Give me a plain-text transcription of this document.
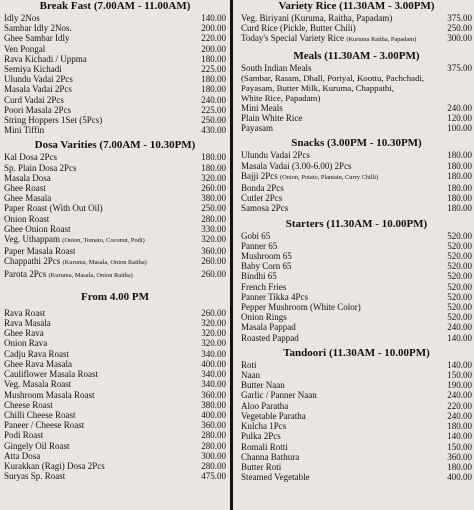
Break Fast (7.00AM - 11.00AM)
Idly 2Nos	140.00
Sambar Idly 2Nos.	200.00
Ghee Sambar Idly	220.00
Ven Pongal	200.00
Rava Kichadi / Uppma	180.00
Semiya Kichadi	225.00
Ulundu Vadai 2Pcs	180.00
Masala Vadai 2Pcs	180.00
Curd Vadai 2Pcs	240.00
Poori Masala 2Pcs	225.00
String Hoppers 1Set (5Pcs)	250.00
Mini Tiffin	430.00
Dosa Varities (7.00AM - 10.30PM)
Kal Dosa 2Pcs	180.00
Sp. Plain Dosa 2Pcs	180.00
Masala Dosa	320.00
Ghee Roast	260.00
Ghee Masala	380.00
Paper Roast (With Out Oil)	250.00
Onion Roast	280.00
Ghee Onion Roast	330.00
Veg. Uthappam (Onion, Tomato, Coconut, Podi)	320.00
Paper Masala Roast	360.00
Chappathi 2Pcs (Kuruma, Masala, Onion Raitha)	260.00
Parota 2Pcs (Kuruma, Masala, Onion Raitha)	260.00
From 4.00 PM
Rava Roast	260.00
Rava Masala	320.00
Ghee Rava	320.00
Onion Rava	320.00
Cadju Rava Roast	340.00
Ghee Rava Masala	400.00
Cauliflower Masala Roast	340.00
Veg. Masala Roast	340.00
Mushroom Masala Roast	360.00
Cheese Roast	380.00
Chilli Cheese Roast	400.00
Paneer / Cheese Roast	360.00
Podi Roast	280.00
Gingely Oil Roast	280.00
Atta Dosa	300.00
Kurakkan (Ragi) Dosa 2Pcs	280.00
Suryas Sp. Roast	475.00
Variety Rice (11.30AM - 3.00PM)
Veg. Biriyani (Kuruma, Raitha, Papadam)	375.00
Curd Rice (Pickle, Butter Chili)	250.00
Today's Special Variety Rice (Kuruma Raitha, Papadam)	300.00
Meals (11.30AM - 3.00PM)
South Indian Meals	375.00
(Sambar, Rasam, Dhall, Poriyal, Koottu, Pachchadi,
Payasam, Butter Milk, Kuruma, Chappathi,
White Rice, Papadam)
Mini Meals	240.00
Plain White Rice	120.00
Payasam	100.00
Snacks (3.00PM - 10.30PM)
Ulundu Vadai 2Pcs	180.00
Masala Vadai (3.00-6.00) 2Pcs	180.00
Bajji 2Pcs (Onion, Potato, Plantain, Curry Chilli)	180.00
Bonda 2Pcs	180.00
Cutlet 2Pcs	180.00
Samosa 2Pcs	180.00
Starters (11.30AM - 10.00PM)
Gobi 65	520.00
Panner 65	520.00
Mushroom 65	520.00
Baby Corn 65	520.00
Bindhi 65	520.00
French Fries	520.00
Panner Tikka 4Pcs	520.00
Pepper Mushroom (White Color)	520.00
Onion Rings	520.00
Masala Pappad	240.00
Roasted Pappad	140.00
Tandoori (11.30AM - 10.00PM)
Roti	140.00
Naan	150.00
Butter Naan	190.00
Garlic / Panner Naan	240.00
Aloo Paratha	220.00
Vegetable Paratha	240.00
Kulcha 1Pcs	180.00
Pulka 2Pcs	140.00
Romali Rotti	150.00
Channa Bathura	360.00
Butter Roti	180.00
Steamed Vegetable	400.00
